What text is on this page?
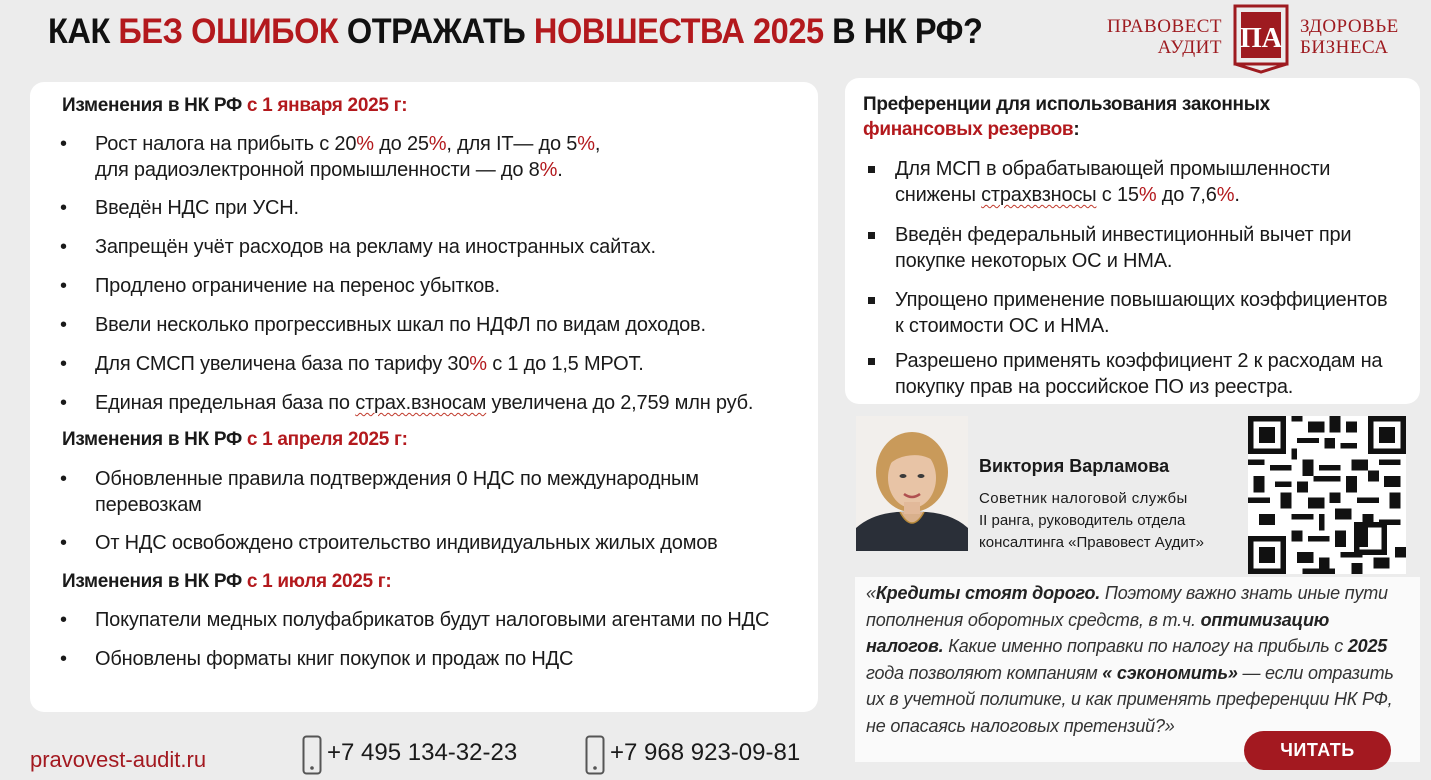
КАК БЕЗ ОШИБОК ОТРАЖАТЬ НОВШЕСТВА 2025 В НК РФ?	ПРАВОВЕСТ
АУДИТ ПА ЗДОРОВЬЕ
БИЗНЕСА
Изменения в НК РФ с 1 января 2025 г:
• Рост налога на прибыть с 20% до 25%, для IT— до 5%,
для радиоэлектронной промышленности — до 8%.
• Введён НДС при УСН.
• Запрещён учёт расходов на рекламу на иностранных сайтах.
• Продлено ограничение на перенос убытков.
• Ввели несколько прогрессивных шкал по НДФЛ по видам доходов.
• Для СМСП увеличена база по тарифу 30% с 1 до 1,5 МРОТ.
• Единая предельная база по страх.взносам увеличена до 2,759 млн руб.
Изменения в НК РФ с 1 апреля 2025 г:
• Обновленные правила подтверждения 0 НДС по международным
перевозкам
• От НДС освобождено строительство индивидуальных жилых домов
Изменения в НК РФ с 1 июля 2025 г:
• Покупатели медных полуфабрикатов будут налоговыми агентами по НДС
• Обновлены форматы книг покупок и продаж по НДС
Преференции для использования законных
финансовых резервов:
Для МСП в обрабатывающей промышленности
снижены страхвзносы с 15% до 7,6%.
Введён федеральный инвестиционный вычет при
покупке некоторых ОС и НМА.
Упрощено применение повышающих коэффициентов
к стоимости ОС и НМА.
Разрешено применять коэффициент 2 к расходам на
покупку прав на российское ПО из реестра.
Виктория Варламова
Советник налоговой службы
II ранга, руководитель отдела
консалтинга «Правовест Аудит»

«Кредиты стоят дорого. Поэтому важно знать иные пути пополнения оборотных средств, в т.ч. оптимизацию налогов. Какие именно поправки по налогу на прибыль с 2025 года позволяют компаниям « сэкономить» — если отразить их в учетной политике, и как применять преференции НК РФ, не опасаясь налоговых претензий?»

ЧИТАТЬ
pravovest-audit.ru	+7 495 134-32-23	+7 968 923-09-81
